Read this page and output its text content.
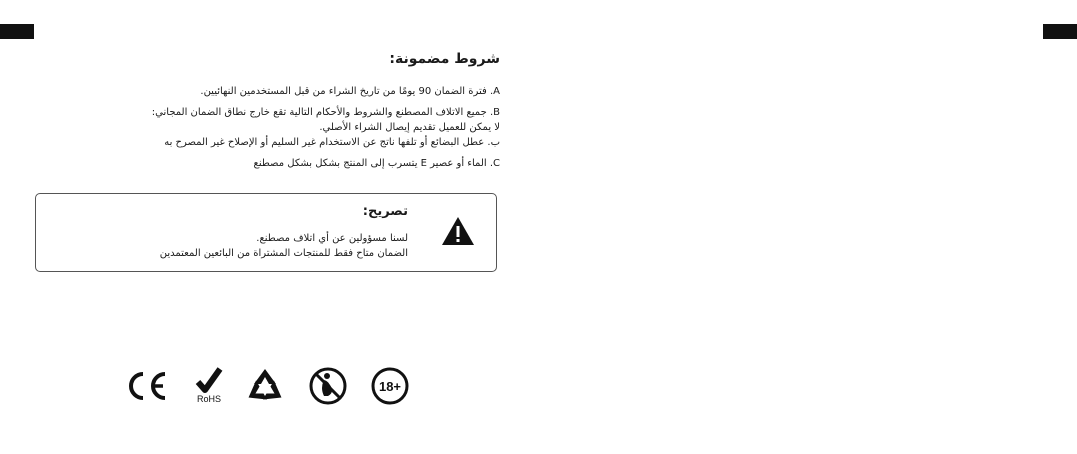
شروط مضمونة:
A. فترة الضمان 90 يومًا من تاريخ الشراء من قبل المستخدمين النهائيين.
B. جميع الاتلاف المصطنع والشروط والأحكام التالية تقع خارج نطاق الضمان المجاني:
لا يمكن للعميل تقديم إيصال الشراء الأصلي.
ب. عطل البضائع أو تلفها ناتج عن الاستخدام غير السليم أو الإصلاح غير المصرح به
C. الماء أو عصير E يتسرب إلى المنتج بشكل بشكل مصطنع
تصريح:
لسنا مسؤولين عن أي اتلاف مصطنع.
الضمان متاح فقط للمنتجات المشتراة من البائعين المعتمدين
RoHS
18+
